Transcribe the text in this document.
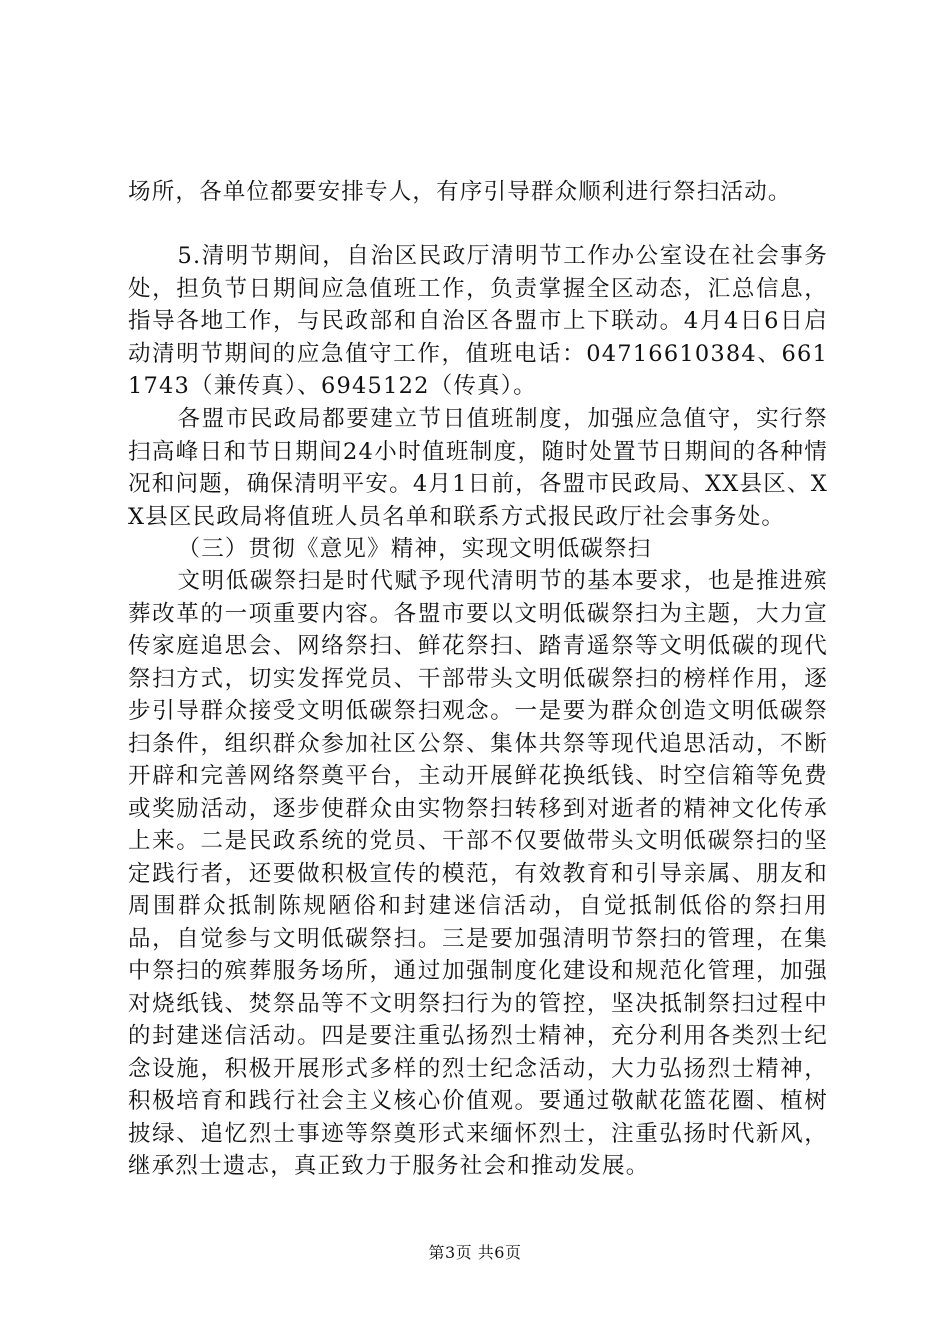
场所，各单位都要安排专人，有序引导群众顺利进行祭扫活动。

5.清明节期间，自治区民政厅清明节工作办公室设在社会事务处，担负节日期间应急值班工作，负责掌握全区动态，汇总信息，指导各地工作，与民政部和自治区各盟市上下联动。4月4日6日启动清明节期间的应急值守工作，值班电话：04716610384、6611743（兼传真）、6945122（传真）。

各盟市民政局都要建立节日值班制度，加强应急值守，实行祭扫高峰日和节日期间24小时值班制度，随时处置节日期间的各种情况和问题，确保清明平安。4月1日前，各盟市民政局、XX县区、XX县区民政局将值班人员名单和联系方式报民政厅社会事务处。

（三）贯彻《意见》精神，实现文明低碳祭扫

文明低碳祭扫是时代赋予现代清明节的基本要求，也是推进殡葬改革的一项重要内容。各盟市要以文明低碳祭扫为主题，大力宣传家庭追思会、网络祭扫、鲜花祭扫、踏青遥祭等文明低碳的现代祭扫方式，切实发挥党员、干部带头文明低碳祭扫的榜样作用，逐步引导群众接受文明低碳祭扫观念。一是要为群众创造文明低碳祭扫条件，组织群众参加社区公祭、集体共祭等现代追思活动，不断开辟和完善网络祭奠平台，主动开展鲜花换纸钱、时空信箱等免费或奖励活动，逐步使群众由实物祭扫转移到对逝者的精神文化传承上来。二是民政系统的党员、干部不仅要做带头文明低碳祭扫的坚定践行者，还要做积极宣传的模范，有效教育和引导亲属、朋友和周围群众抵制陈规陋俗和封建迷信活动，自觉抵制低俗的祭扫用品，自觉参与文明低碳祭扫。三是要加强清明节祭扫的管理，在集中祭扫的殡葬服务场所，通过加强制度化建设和规范化管理，加强对烧纸钱、焚祭品等不文明祭扫行为的管控，坚决抵制祭扫过程中的封建迷信活动。四是要注重弘扬烈士精神，充分利用各类烈士纪念设施，积极开展形式多样的烈士纪念活动，大力弘扬烈士精神，积极培育和践行社会主义核心价值观。要通过敬献花篮花圈、植树披绿、追忆烈士事迹等祭奠形式来缅怀烈士，注重弘扬时代新风，继承烈士遗志，真正致力于服务社会和推动发展。

第3页 共6页
